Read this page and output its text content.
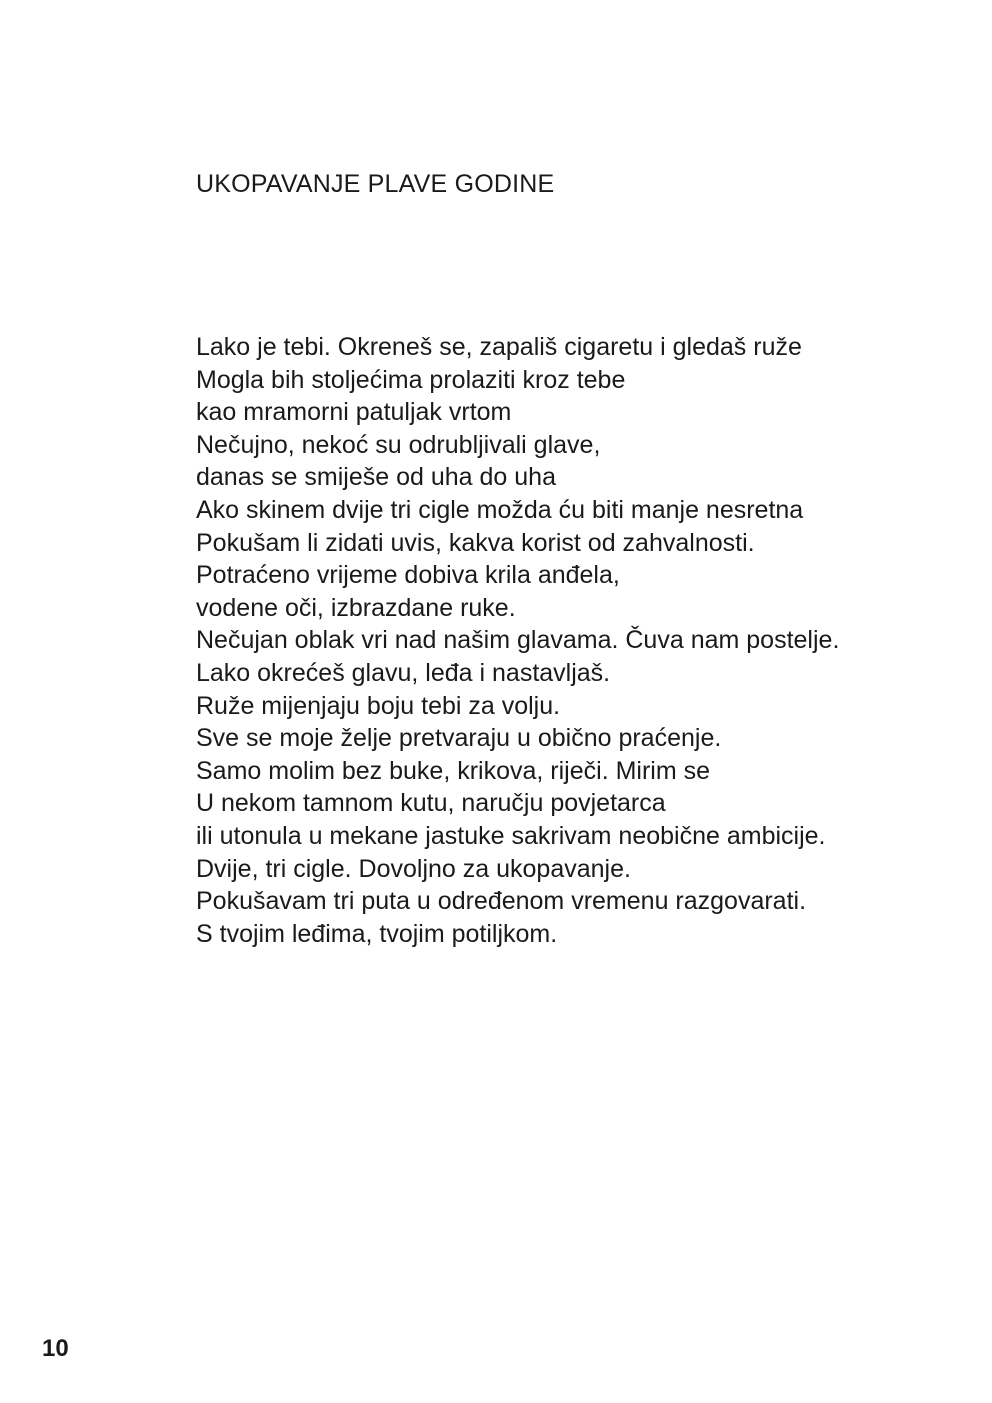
UKOPAVANJE PLAVE GODINE
Lako je tebi. Okreneš se, zapališ cigaretu i gledaš ruže
Mogla bih stoljećima prolaziti kroz tebe
kao mramorni patuljak vrtom
Nečujno, nekoć su odrubljivali glave,
danas se smiješe od uha do uha
Ako skinem dvije tri cigle možda ću biti manje nesretna
Pokušam li zidati uvis, kakva korist od zahvalnosti.
Potraćeno vrijeme dobiva krila anđela,
vodene oči, izbrazdane ruke.
Nečujan oblak vri nad našim glavama. Čuva nam postelje.
Lako okrećeš glavu, leđa i nastavljaš.
Ruže mijenjaju boju tebi za volju.
Sve se moje želje pretvaraju u obično praćenje.
Samo molim bez buke, krikova, riječi. Mirim se
U nekom tamnom kutu, naručju povjetarca
ili utonula u mekane jastuke sakrivam neobične ambicije.
Dvije, tri cigle. Dovoljno za ukopavanje.
Pokušavam tri puta u određenom vremenu razgovarati.
S tvojim leđima, tvojim potiljkom.
10
